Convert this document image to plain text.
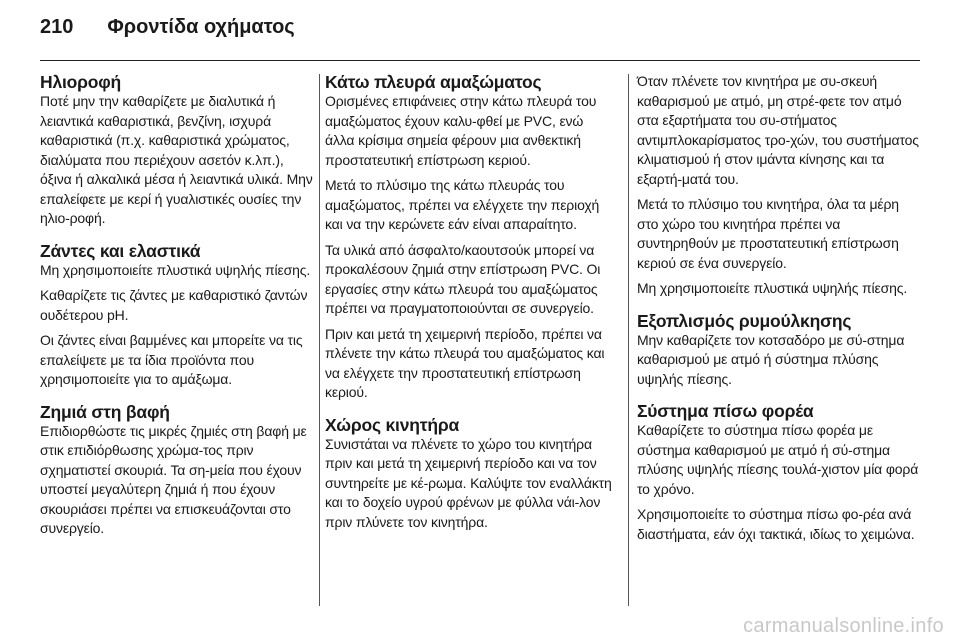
210 Φροντίδα οχήματος
Ηλιοροφή

Ποτέ μην την καθαρίζετε με διαλυτικά ή λειαντικά καθαριστικά, βενζίνη, ισχυρά καθαριστικά (π.χ. καθαριστικά χρώματος, διαλύματα που περιέχουν ασετόν κ.λπ.), όξινα ή αλκαλικά μέσα ή λειαντικά υλικά. Μην επαλείφετε με κερί ή γυαλιστικές ουσίες την ηλιο-ροφή.

Ζάντες και ελαστικά

Μη χρησιμοποιείτε πλυστικά υψηλής πίεσης.

Καθαρίζετε τις ζάντες με καθαριστικό ζαντών ουδέτερου pH.

Οι ζάντες είναι βαμμένες και μπορείτε να τις επαλείψετε με τα ίδια προϊόντα που χρησιμοποιείτε για το αμάξωμα.

Ζημιά στη βαφή

Επιδιορθώστε τις μικρές ζημιές στη βαφή με στικ επιδιόρθωσης χρώμα-τος πριν σχηματιστεί σκουριά. Τα ση-μεία που έχουν υποστεί μεγαλύτερη ζημιά ή που έχουν σκουριάσει πρέπει να επισκευάζονται στο συνεργείο.

Κάτω πλευρά αμαξώματος

Ορισμένες επιφάνειες στην κάτω πλευρά του αμαξώματος έχουν καλυ-φθεί με PVC, ενώ άλλα κρίσιμα σημεία φέρουν μια ανθεκτική προστατευτική επίστρωση κεριού.

Μετά το πλύσιμο της κάτω πλευράς του αμαξώματος, πρέπει να ελέγχετε την περιοχή και να την κερώνετε εάν είναι απαραίτητο.

Τα υλικά από άσφαλτο/καουτσούκ μπορεί να προκαλέσουν ζημιά στην επίστρωση PVC. Οι εργασίες στην κάτω πλευρά του αμαξώματος πρέπει να πραγματοποιούνται σε συνεργείο.

Πριν και μετά τη χειμερινή περίοδο, πρέπει να πλένετε την κάτω πλευρά του αμαξώματος και να ελέγχετε την προστατευτική επίστρωση κεριού.

Χώρος κινητήρα

Συνιστάται να πλένετε το χώρο του κινητήρα πριν και μετά τη χειμερινή περίοδο και να τον συντηρείτε με κέ-ρωμα. Καλύψτε τον εναλλάκτη και το δοχείο υγρού φρένων με φύλλα νάι-λον πριν πλύνετε τον κινητήρα.

Όταν πλένετε τον κινητήρα με συ-σκευή καθαρισμού με ατμό, μη στρέ-φετε τον ατμό στα εξαρτήματα του συ-στήματος αντιμπλοκαρίσματος τρο-χών, του συστήματος κλιματισμού ή στον ιμάντα κίνησης και τα εξαρτή-ματά του.

Μετά το πλύσιμο του κινητήρα, όλα τα μέρη στο χώρο του κινητήρα πρέπει να συντηρηθούν με προστατευτική επίστρωση κεριού σε ένα συνεργείο.

Μη χρησιμοποιείτε πλυστικά υψηλής πίεσης.

Εξοπλισμός ρυμούλκησης

Μην καθαρίζετε τον κοτσαδόρο με σύ-στημα καθαρισμού με ατμό ή σύστημα πλύσης υψηλής πίεσης.

Σύστημα πίσω φορέα

Καθαρίζετε το σύστημα πίσω φορέα με σύστημα καθαρισμού με ατμό ή σύ-στημα πλύσης υψηλής πίεσης τουλά-χιστον μία φορά το χρόνο.

Χρησιμοποιείτε το σύστημα πίσω φο-ρέα ανά διαστήματα, εάν όχι τακτικά, ιδίως το χειμώνα.

carmanualsonline.info
